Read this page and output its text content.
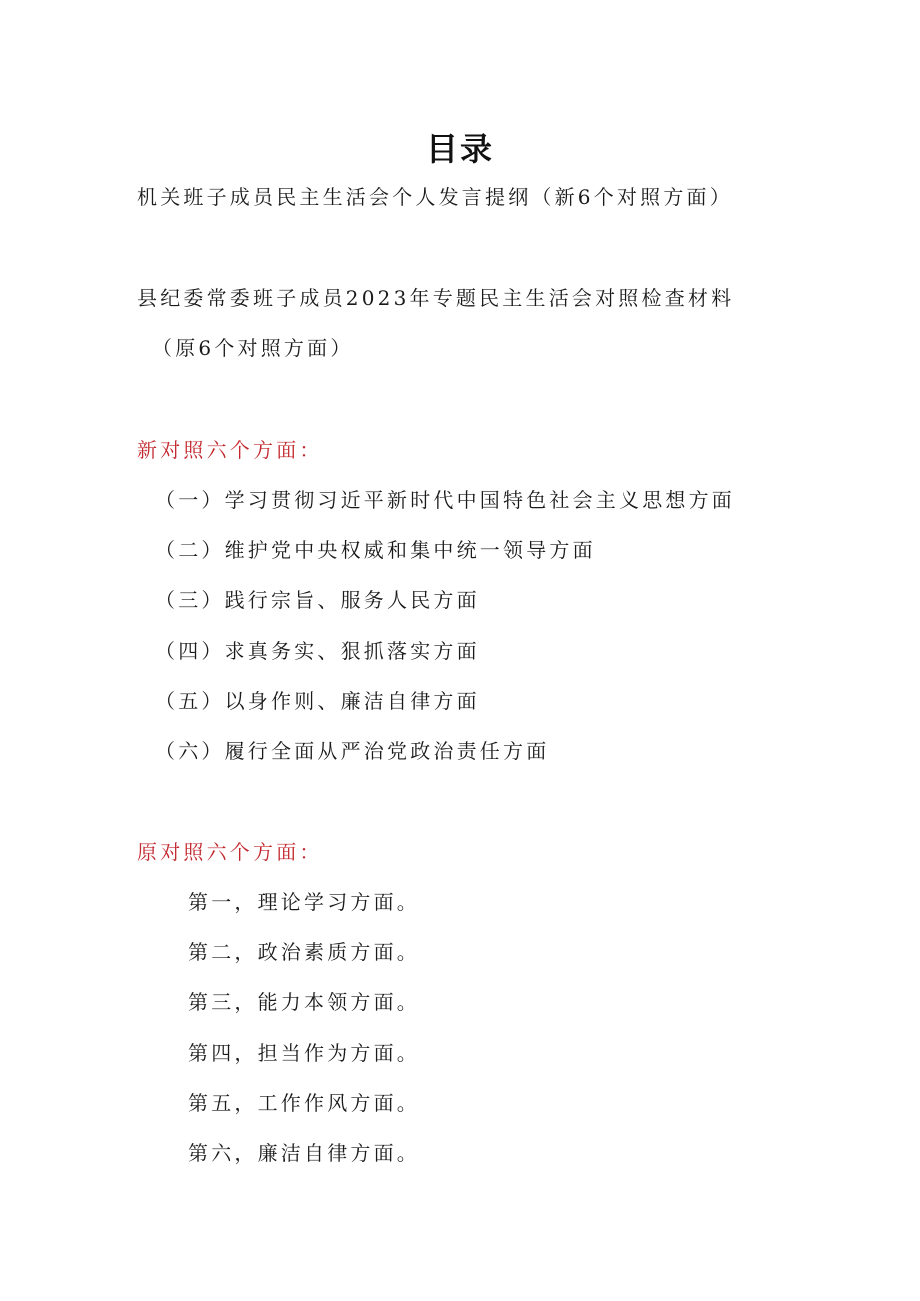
目录
机关班子成员民主生活会个人发言提纲（新6个对照方面）
县纪委常委班子成员2023年专题民主生活会对照检查材料
（原6个对照方面）
新对照六个方面：
（一）学习贯彻习近平新时代中国特色社会主义思想方面
（二）维护党中央权威和集中统一领导方面
（三）践行宗旨、服务人民方面
（四）求真务实、狠抓落实方面
（五）以身作则、廉洁自律方面
（六）履行全面从严治党政治责任方面
原对照六个方面：
第一，理论学习方面。
第二，政治素质方面。
第三，能力本领方面。
第四，担当作为方面。
第五，工作作风方面。
第六，廉洁自律方面。
